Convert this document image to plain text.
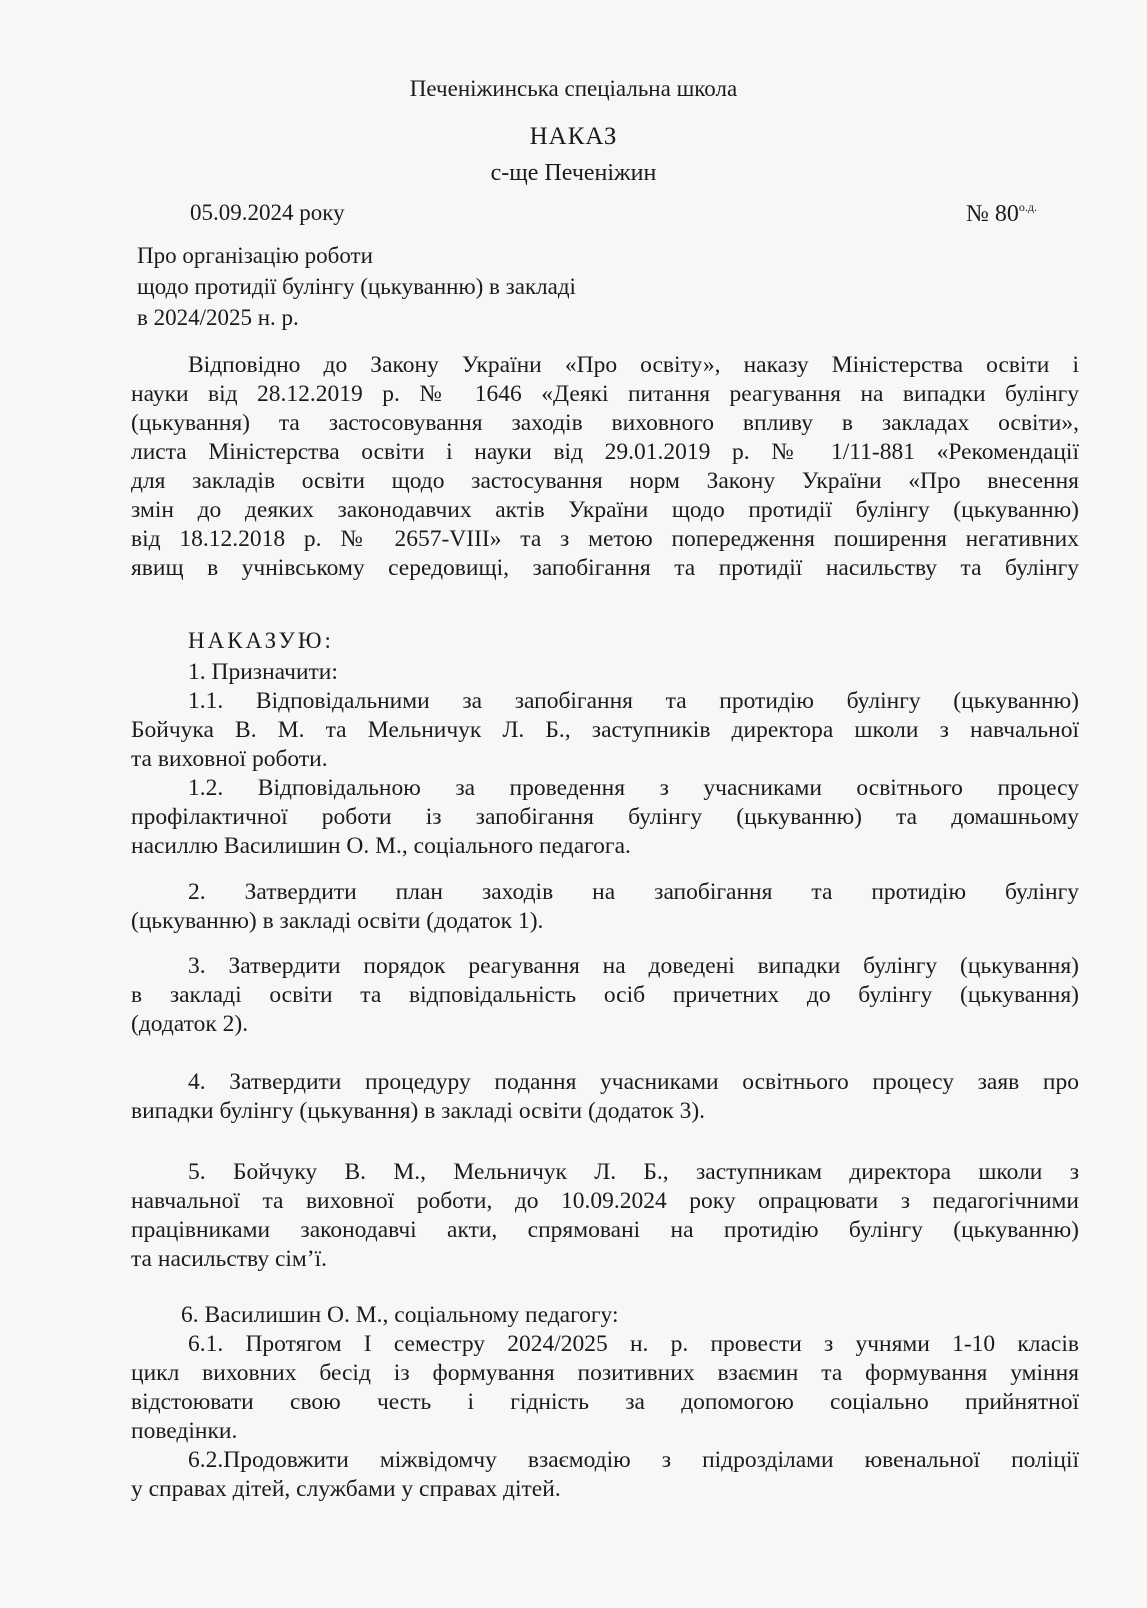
Печеніжинська спеціальна школа
НАКАЗ
с-ще Печеніжин
05.09.2024 року	№ $80^{о.д.}$
Про організацію роботи
щодо протидії булінгу (цькуванню) в закладі
в 2024/2025 н. р.

Відповідно до Закону України «Про освіту», наказу Міністерства освіти і

науки від 28.12.2019 р. № 1646 «Деякі питання реагування на випадки булінгу

(цькування) та застосовування заходів виховного впливу в закладах освіти»,

листа Міністерства освіти і науки від 29.01.2019 р. № 1/11-881 «Рекомендації

для закладів освіти щодо застосування норм Закону України «Про внесення

змін до деяких законодавчих актів України щодо протидії булінгу (цькуванню)

від 18.12.2018 р. № 2657-VIII» та з метою попередження поширення негативних

явищ в учнівському середовищі, запобігання та протидії насильству та булінгу

НАКАЗУЮ:

1. Призначити:

1.1. Відповідальними за запобігання та протидію булінгу (цькуванню)

Бойчука В. М. та Мельничук Л. Б., заступників директора школи з навчальної

та виховної роботи.

1.2. Відповідальною за проведення з учасниками освітнього процесу

профілактичної роботи із запобігання булінгу (цькуванню) та домашньому

насиллю Василишин О. М., соціального педагога.

2. Затвердити план заходів на запобігання та протидію булінгу

(цькуванню) в закладі освіти (додаток 1).

3. Затвердити порядок реагування на доведені випадки булінгу (цькування)

в закладі освіти та відповідальність осіб причетних до булінгу (цькування)

(додаток 2).

4. Затвердити процедуру подання учасниками освітнього процесу заяв про

випадки булінгу (цькування) в закладі освіти (додаток 3).

5. Бойчуку В. М., Мельничук Л. Б., заступникам директора школи з

навчальної та виховної роботи, до 10.09.2024 року опрацювати з педагогічними

працівниками законодавчі акти, спрямовані на протидію булінгу (цькуванню)

та насильству сім’ї.

6. Василишин О. М., соціальному педагогу:

6.1. Протягом І семестру 2024/2025 н. р. провести з учнями 1-10 класів

цикл виховних бесід із формування позитивних взаємин та формування уміння

відстоювати свою честь і гідність за допомогою соціально прийнятної

поведінки.

6.2.Продовжити міжвідомчу взаємодію з підрозділами ювенальної поліції

у справах дітей, службами у справах дітей.
